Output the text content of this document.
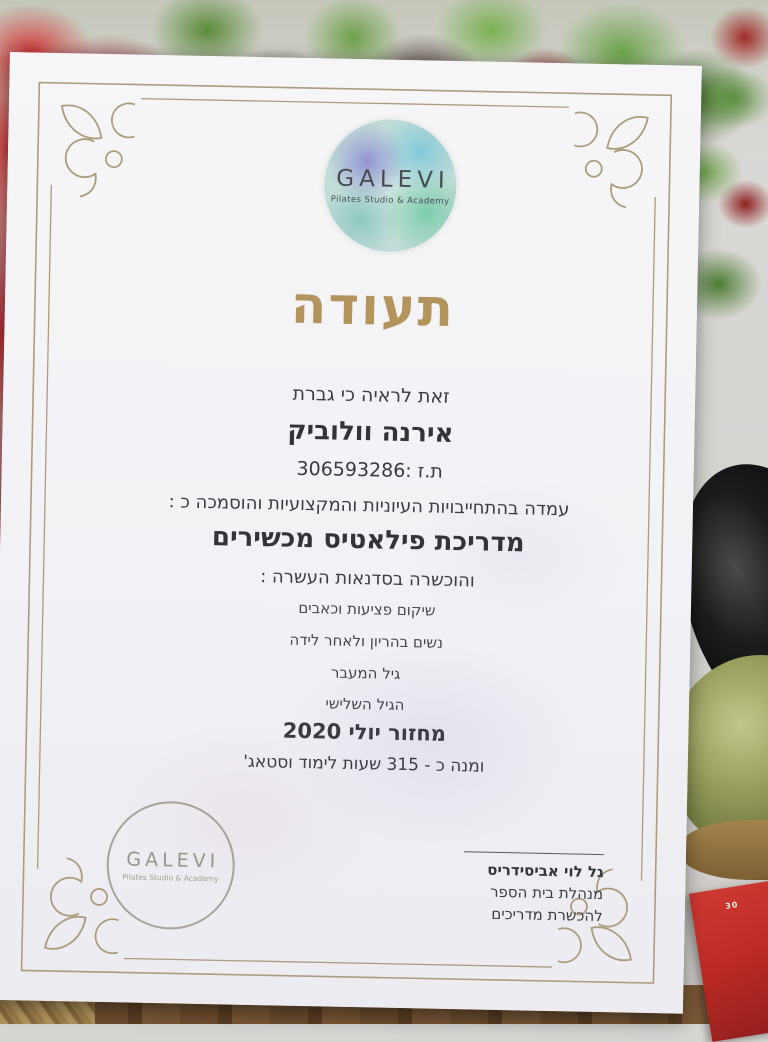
30
GALEVI
Pilates Studio & Academy
תעודה
זאת לראיה כי גברת
אירנה וולוביק
ת.ז :306593286
עמדה בהתחייבויות העיוניות והמקצועיות והוסמכה כ :
מדריכת פילאטיס מכשירים
והוכשרה בסדנאות העשרה :
שיקום פציעות וכאבים
נשים בהריון ולאחר לידה
גיל המעבר
הגיל השלישי
מחזור יולי 2020
ומנה כ - 315 שעות לימוד וסטאג'
GALEVI
Pilates Studio & Academy	גל לוי אביסידריס
מנהלת בית הספר
להכשרת מדריכים
